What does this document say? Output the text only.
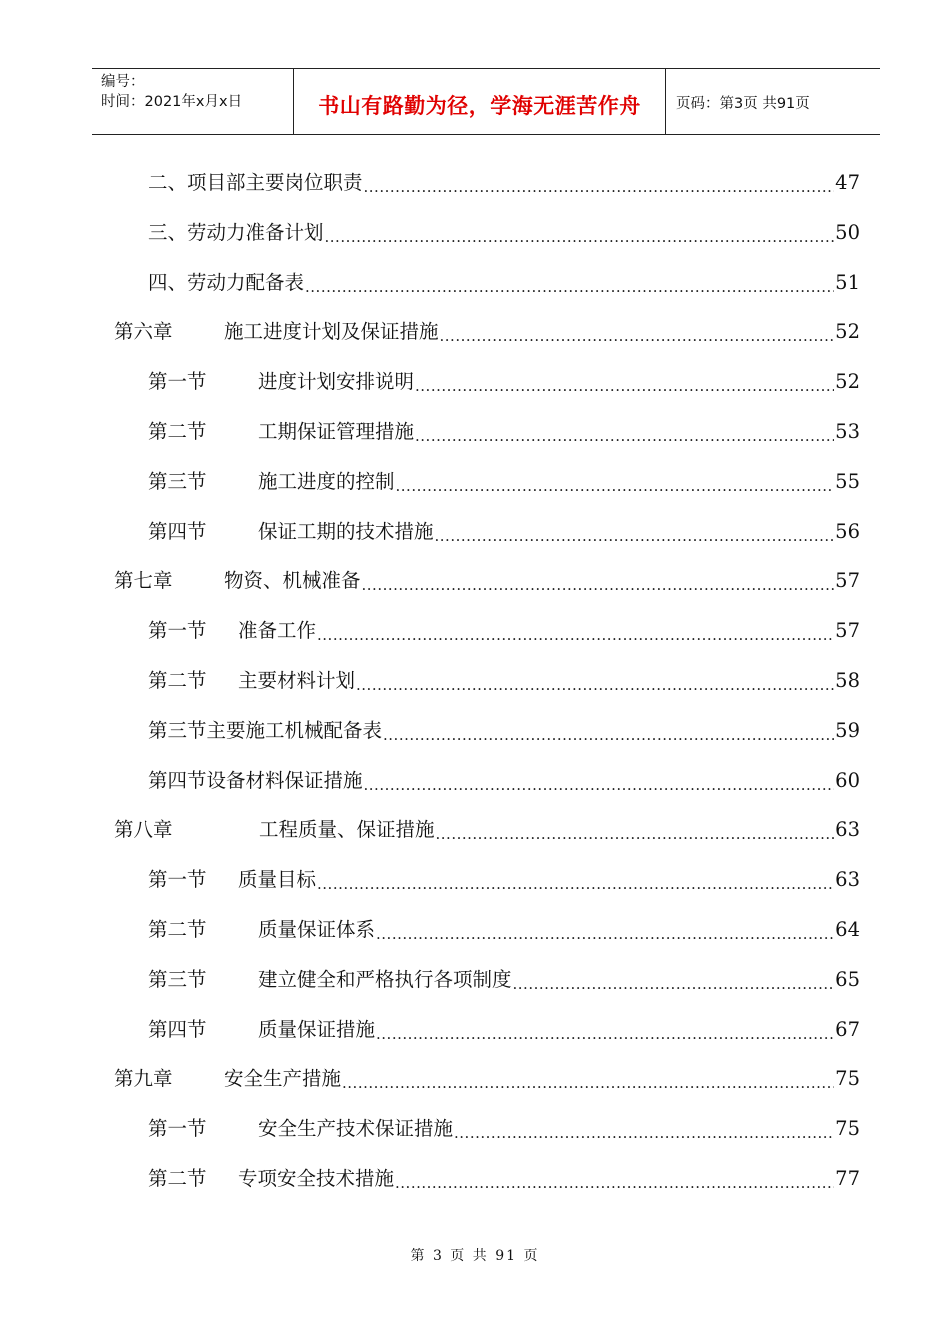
编号：
时间：2021年x月x日	书山有路勤为径，学海无涯苦作舟	页码：第3页 共91页
二、项目部主要岗位职责 .....	47
三、劳动力准备计划 .....	50
四、劳动力配备表 .....	51
第六章	施工进度计划及保证措施 .....	52
第一节	进度计划安排说明 .....	52
第二节	工期保证管理措施 .....	53
第三节	施工进度的控制 .....	55
第四节	保证工期的技术措施 .....	56
第七章	物资、机械准备 .....	57
第一节	准备工作 .....	57
第二节	主要材料计划 .....	58
第三节主要施工机械配备表 .....	59
第四节设备材料保证措施 .....	60
第八章	工程质量、保证措施 .....	63
第一节	质量目标 .....	63
第二节	质量保证体系 .....	64
第三节	建立健全和严格执行各项制度 .....	65
第四节	质量保证措施 .....	67
第九章	安全生产措施 .....	75
第一节	安全生产技术保证措施 .....	75
第二节	专项安全技术措施 .....	77
第 3 页 共 91 页
